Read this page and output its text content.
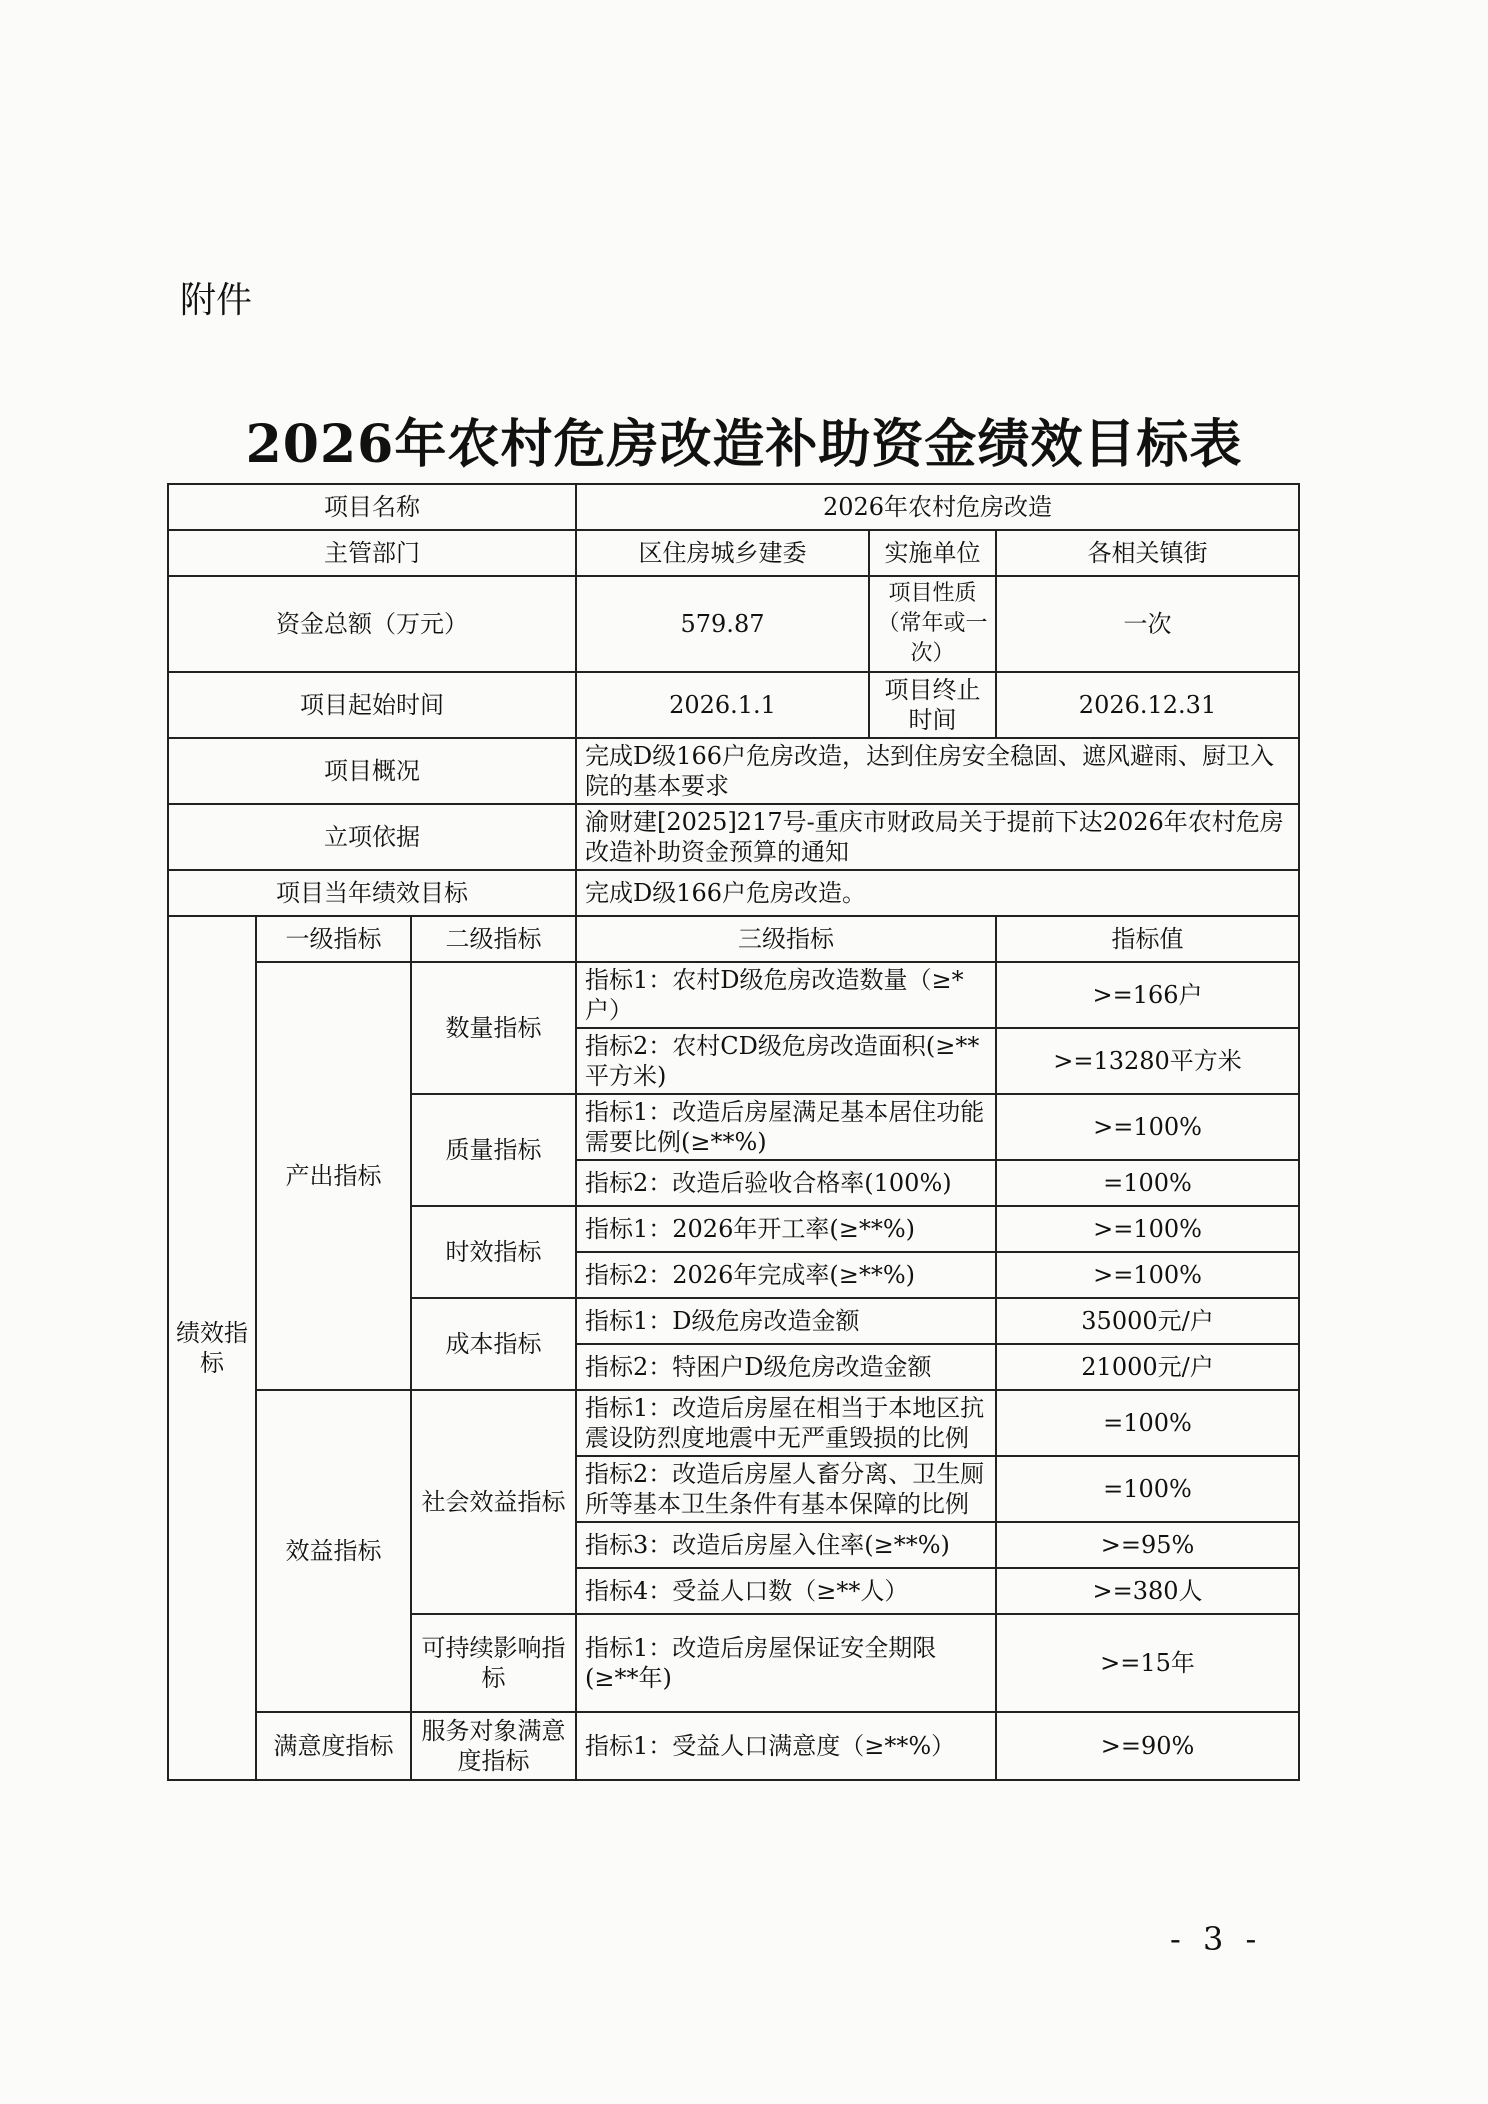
附件
2026年农村危房改造补助资金绩效目标表
项目名称			2026年农村危房改造		
主管部门			区住房城乡建委	实施单位	各相关镇街
资金总额（万元）			579.87	项目性质（常年或一次）	一次
项目起始时间			2026.1.1	项目终止时间	2026.12.31
项目概况			完成D级166户危房改造，达到住房安全稳固、遮风避雨、厨卫入院的基本要求		
立项依据			渝财建[2025]217号-重庆市财政局关于提前下达2026年农村危房改造补助资金预算的通知		
项目当年绩效目标			完成D级166户危房改造。		
绩效指标	一级指标	二级指标	三级指标		指标值
	产出指标	数量指标	指标1：农村D级危房改造数量（≥*户）		>=166户
			指标2：农村CD级危房改造面积(≥**平方米)		>=13280平方米
		质量指标	指标1：改造后房屋满足基本居住功能需要比例(≥**%)		>=100%
			指标2：改造后验收合格率(100%)		=100%
		时效指标	指标1：2026年开工率(≥**%)		>=100%
			指标2：2026年完成率(≥**%)		>=100%
		成本指标	指标1：D级危房改造金额		35000元/户
			指标2：特困户D级危房改造金额		21000元/户
	效益指标	社会效益指标	指标1：改造后房屋在相当于本地区抗震设防烈度地震中无严重毁损的比例		=100%
			指标2：改造后房屋人畜分离、卫生厕所等基本卫生条件有基本保障的比例		=100%
			指标3：改造后房屋入住率(≥**%)		>=95%
			指标4：受益人口数（≥**人）		>=380人
		可持续影响指标	指标1：改造后房屋保证安全期限(≥**年)		>=15年

	满意度指标	服务对象满意度指标	指标1：受益人口满意度（≥**%）		>=90%
- 3 -
